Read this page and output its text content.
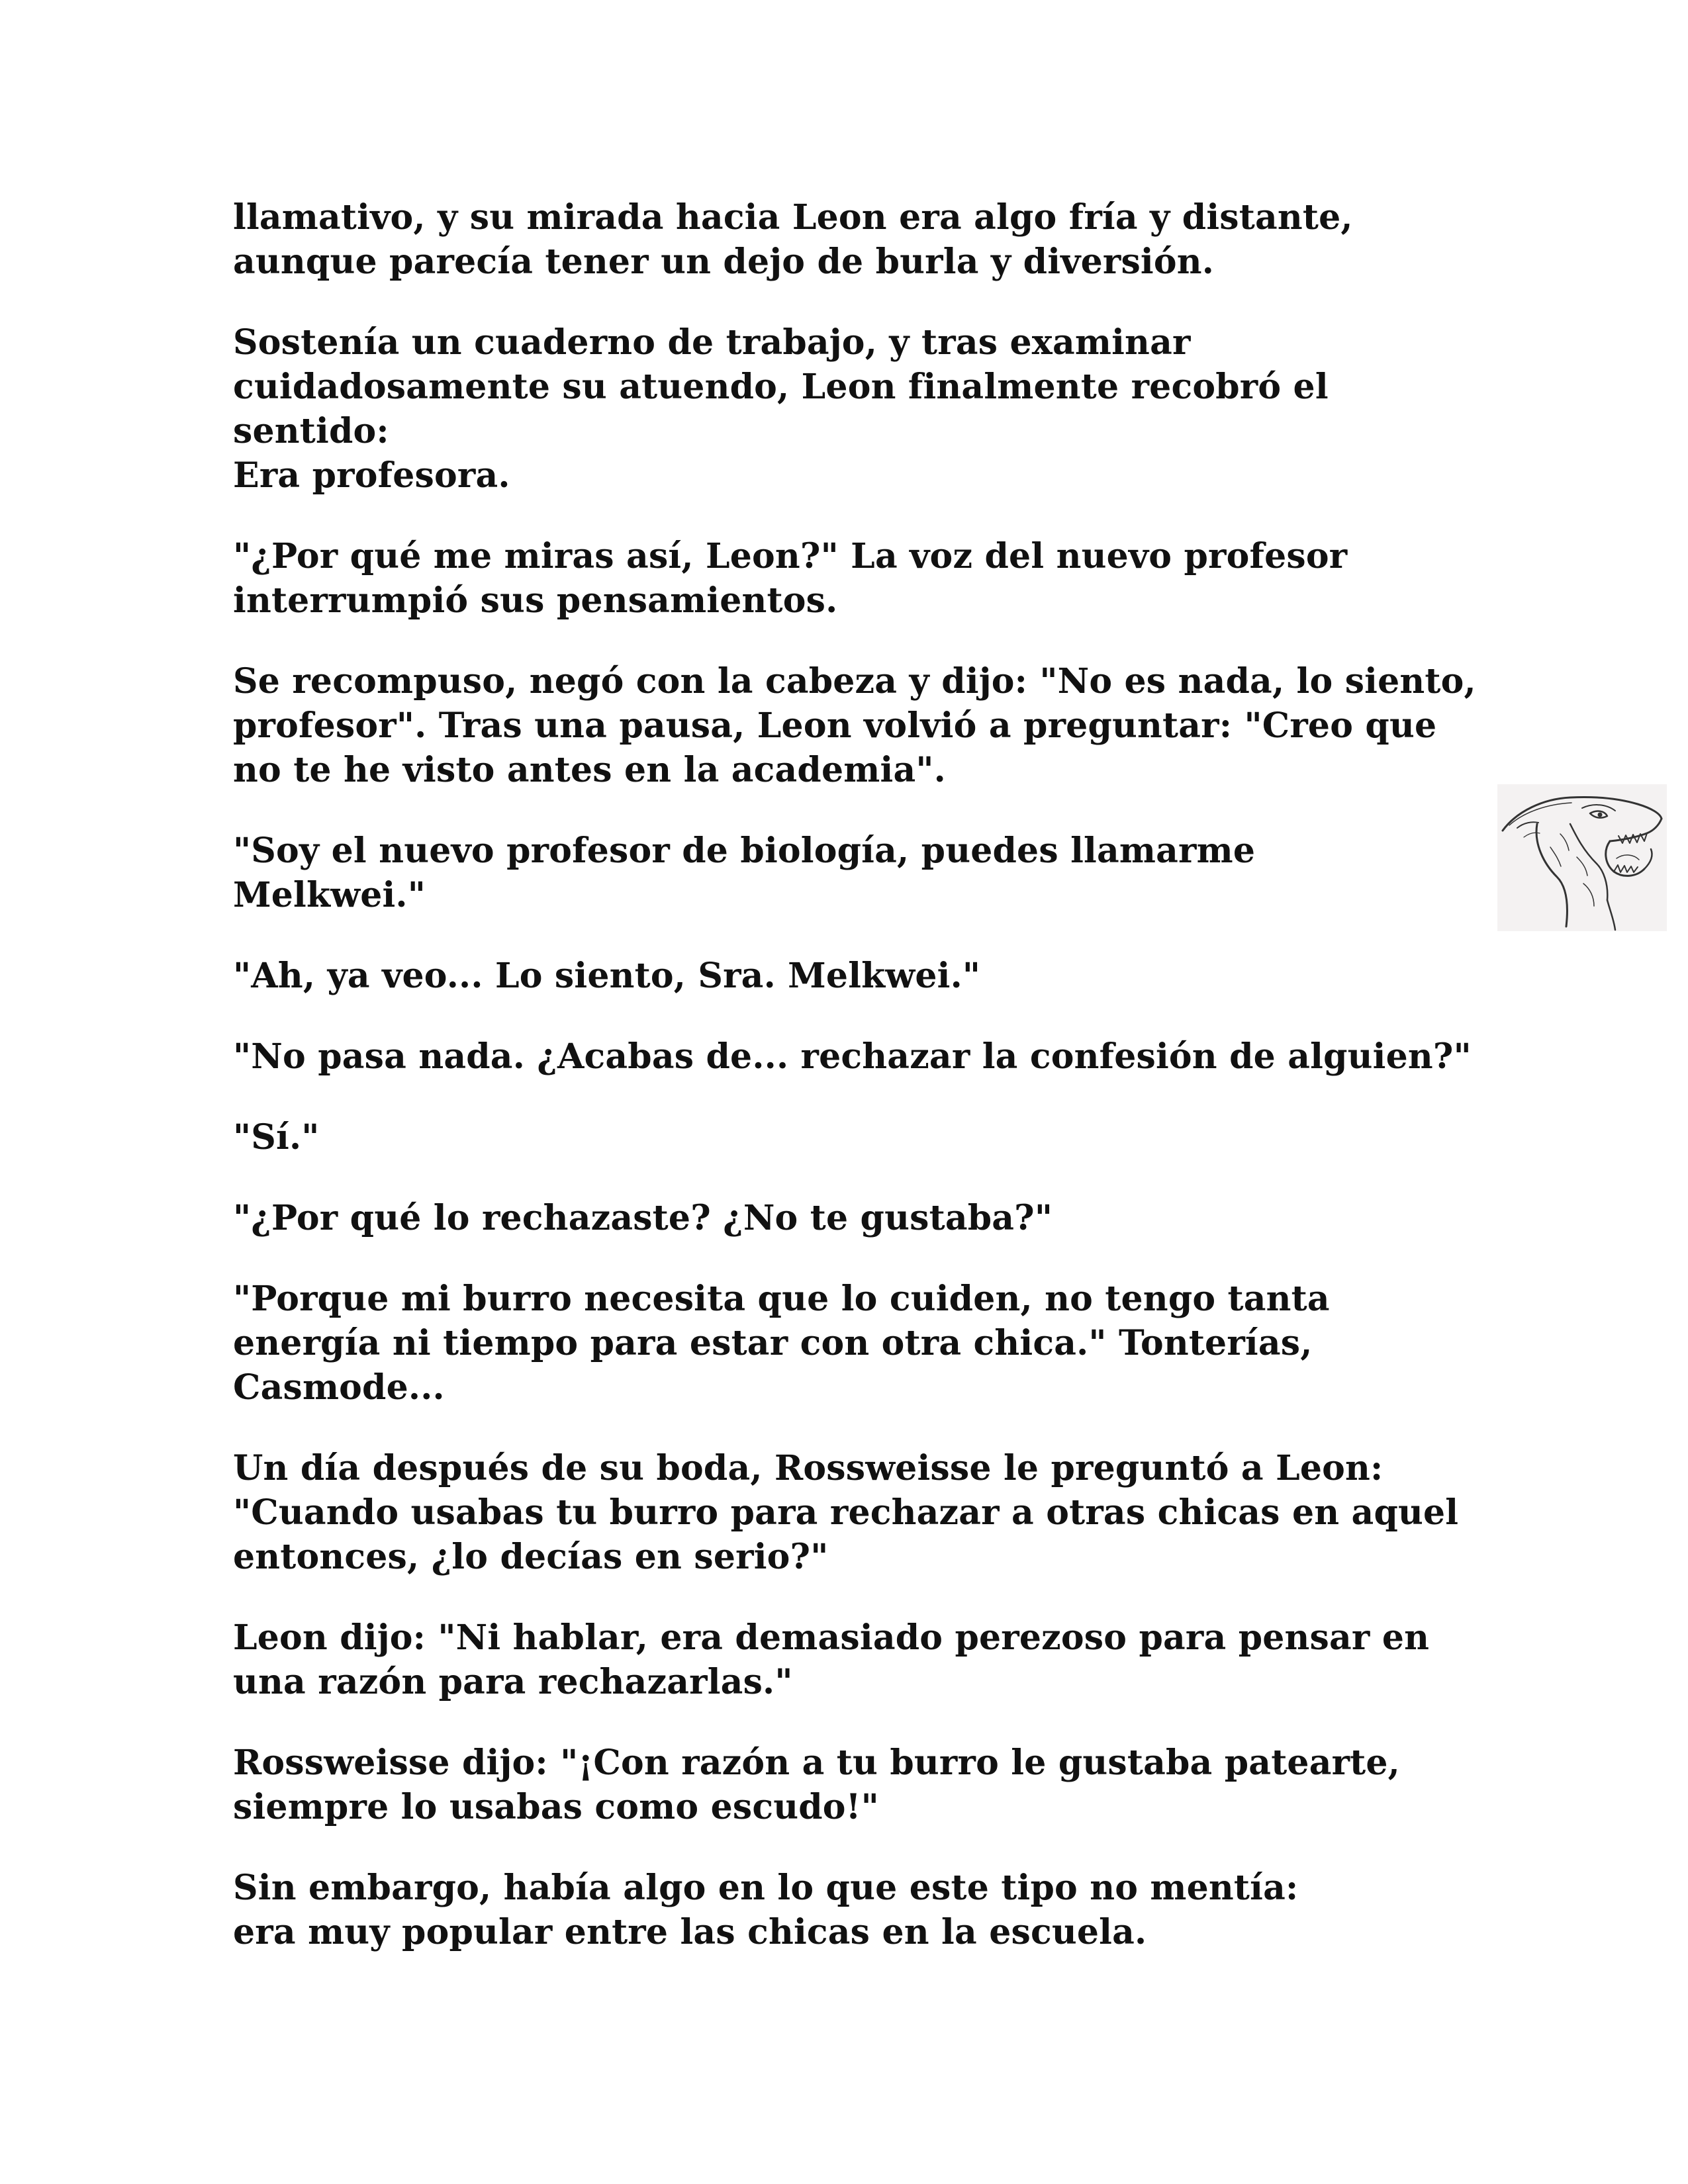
llamativo, y su mirada hacia Leon era algo fría y distante,
aunque parecía tener un dejo de burla y diversión.

Sostenía un cuaderno de trabajo, y tras examinar
cuidadosamente su atuendo, Leon finalmente recobró el
sentido:
Era profesora.

"¿Por qué me miras así, Leon?" La voz del nuevo profesor
interrumpió sus pensamientos.

Se recompuso, negó con la cabeza y dijo: "No es nada, lo siento,
profesor". Tras una pausa, Leon volvió a preguntar: "Creo que
no te he visto antes en la academia".

"Soy el nuevo profesor de biología, puedes llamarme
Melkwei."

"Ah, ya veo... Lo siento, Sra. Melkwei."

"No pasa nada. ¿Acabas de... rechazar la confesión de alguien?"

"Sí."

"¿Por qué lo rechazaste? ¿No te gustaba?"

"Porque mi burro necesita que lo cuiden, no tengo tanta
energía ni tiempo para estar con otra chica." Tonterías,
Casmode...

Un día después de su boda, Rossweisse le preguntó a Leon:
"Cuando usabas tu burro para rechazar a otras chicas en aquel
entonces, ¿lo decías en serio?"

Leon dijo: "Ni hablar, era demasiado perezoso para pensar en
una razón para rechazarlas."

Rossweisse dijo: "¡Con razón a tu burro le gustaba patearte,
siempre lo usabas como escudo!"

Sin embargo, había algo en lo que este tipo no mentía:
era muy popular entre las chicas en la escuela.
